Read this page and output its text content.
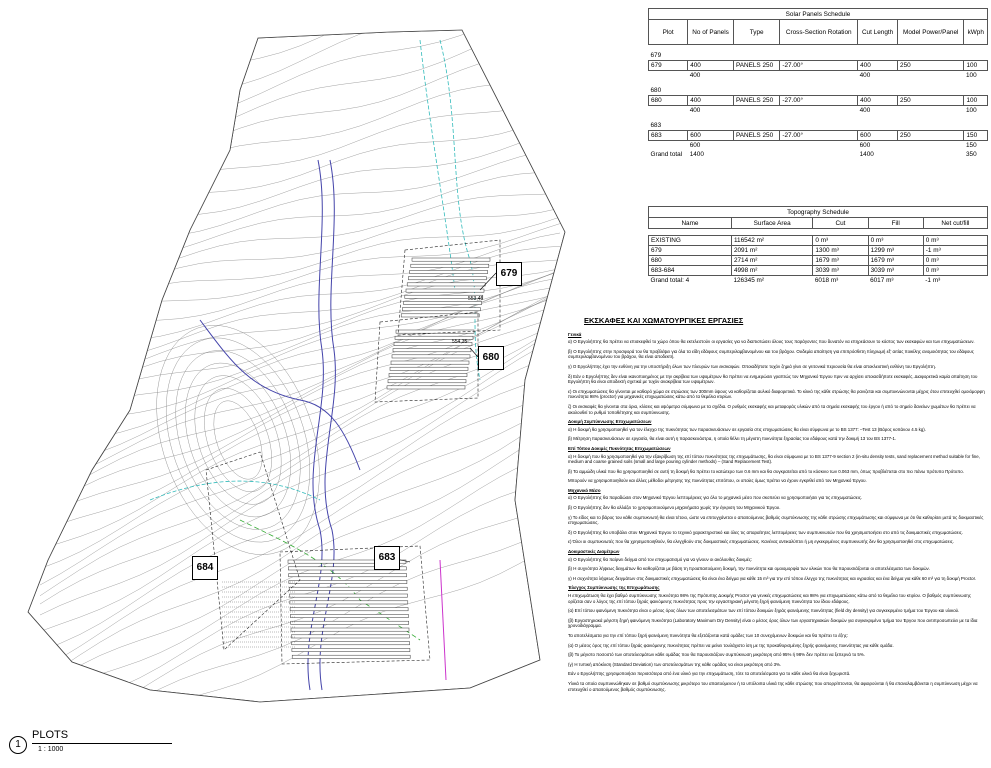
Solar Panels Schedule						
Plot	No of Panels	Type	Cross-Section Rotation	Cut Length	Model Power/Panel	kWph

679						
679	400	PANELS 250	-27.00°	400	250	100
	400			400		100

680						
680	400	PANELS 250	-27.00°	400	250	100
	400			400		100

683						
683	600	PANELS 250	-27.00°	600	250	150
	600			600		150
Grand total	1400			1400		350
Topography Schedule				
Name	Surface Area	Cut	Fill	Net cut/fill

EXISTING	116542 m²	0 m³	0 m³	0 m³
679	2091 m²	1300 m³	1299 m³	-1 m³
680	2714 m²	1679 m³	1679 m³	0 m³
683-684	4998 m²	3039 m³	3039 m³	0 m³
Grand total: 4	126345 m²	6018 m³	6017 m³	-1 m³
679
680
683
684
553,45
554,35
ΕΚΣΚΑΦΕΣ ΚΑΙ ΧΩΜΑΤΟΥΡΓΙΚΕΣ ΕΡΓΑΣΙΕΣ
Γενικά

α) Ο Εργολήπτης θα πρέπει να επισκεφθεί το χώρο όπου θα εκτελεστούν οι εργασίες για να διαπιστώσει όλους τους παράγοντες που δυνατόν να επηρεάσουν το κόστος των εκσκαφών και των επιχωματώσεων.

β) Ο Εργολήπτης στην προσφορά του θα προβλέψει για όλα τα είδη εδάφους συμπεριλαμβανομένου και του βράχου. Ουδεμία απαίτηση για επιπρόσθετη πληρωμή εξ' αιτίας ποικίλης ανομοιότητας του εδάφους συμπεριλαμβανομένου του βράχου, θα είναι αποδεκτή.

γ) Ο Εργολήπτης έχει την ευθύνη για την υποστήριξη όλων των πλευρών των εκσκαφών. Οποιαδήποτε τυχόν ζημιά γίνει σε γειτονικά περιουσία θα είναι αποκλειστική ευθύνη του Εργολήπτη.

δ) Εάν ο Εργολήπτης δεν είναι ικανοποιημένος με την ακρίβεια των υψομέτρων θα πρέπει να ενημερώσει γραπτώς τον Μηχανικό Έργου πριν να αρχίσει οποιασδήποτε εκσκαφές. Διαφορετικά καμία απαίτηση του Εργολήπτη θα είναι αποδεκτή σχετικά με τυχόν ανακρίβεια των υψομέτρων.

ε) Οι επιχωματώσεις θα γίνονται με καθαρό χώμα σε στρώσεις των 300mm ύψους να καθορίζεται αυλικό διαφορετικά. Το κλικό της κάθε στρώσης θα ρανιζεται και συμπυκνώνονται μέχρις ότου επιτευχθεί ομοιόμορφη πυκνότητα 98% (proctor) για μηχανικές επιχωματώσεις κάτω από τα θεμέλια κτιρίων.

ζ) Οι εκσκαφές θα γίνονται στα όρια, κλίσεις και υψόμετρα σύμφωνα με τα σχέδια. Ο ρυθμός εκσκαφής και μεταφοράς υλικών από τα σημεία εκσκαφής του έργου ή από το σημείο δανείων χωμάτων θα πρέπει να ακολουθεί το ρυθμό τοποθέτησης και συμπύκνωσης.

Δοκιμή Συμπύκνωσης Επιχωματώσεων

α) Η δοκιμή θα χρησιμοποιηθεί για τον έλεγχο της πυκνότητας των παρασκευάσεων σε εργασία στις επιχωματώσεις θα είναι σύμφωνα με το BS 1377: –Test 13 (Βάρος κοπάνου 4.5 kg).

β) Μέτρηση παρασκευάσεων σε εργασία, θα είναι αυτή η παρασκευάστρα, η οποία θέλει τη μέγιστη πυκνότητα ξηρασίας του εδάφους κατά την δοκιμή 13 του BS 1377-1.

Επί Τόπου Δοκιμές Πυκνότητας Επιχωματώσεων

α) Η δοκιμή που θα χρησιμοποιηθεί για την εξακρίβωση της επί τόπου πυκνότητας της επιχωμάτωσης, θα είναι σύμφωνα με το BS 1377-9 section 2 (in-situ density tests, sand replacement method suitable for fine, medium and coarse grained soils (small and large pouring cylinder methods) – (Sand Replacement Test).

β) Τα αμμώδη υλικά που θα χρησιμοποιηθεί σε αυτή τη δοκιμή θα πρέπει το κατώτερο των 0.6 mm και θα συγκρατείται από το κόσκινο των 0.063 mm, όπως προβλέπεται στο πιο πάνω πρότυπο Πρότυπο.

Μπορούν να χρησιμοποιηθούν και άλλες μέθοδοι μέτρησης της πυκνότητας επιτόπου, οι οποίες όμως πρέπει να έχουν εγκριθεί από τον Μηχανικό Έργου.

Μηχανικό Μέσο

α) Ο Εργολήπτης θα παραδώσει στον Μηχανικό Έργου λεπτομέρειες για όλο το μηχανικό μέσο που σκοπεύει να χρησιμοποιήσει για τις επιχωματώσεις.

β) Ο Εργολήπτης δεν θα αλλάζει το χρησιμοποιούμενο μηχανήματα χωρίς την έγκριση του Μηχανικού Έργου.

γ) Το είδος και το βάρος του κάθε συμπυκνωτή θα είναι τέτοιο, ώστε να επιτυγχάνεται ο απαιτούμενος βαθμός συμπύκνωσης της κάθε στρώσης επιχωμάτωσης και σύμφωνα με ότι θα καθορίσει μετά τις δοκιμαστικές επιχωματώσεις.

δ) Ο Εργολήπτης θα υποβάλει στον Μηχανικό Έργου το τεχνικό χαρακτηριστικό και όλες τις απαραίτητες λεπτομέρειες των συμπυκνωτών που θα χρησιμοποιήσει στο από τις δοκιμαστικές επιχωματώσεις.

ε) Όλοι οι συμπυκνωτές που θα χρησιμοποιηθούν, θα ελεγχθούν στις δοκιμαστικές επιχωματώσεις. Κανένας αντικαλύπτει ή μη εγκεκριμένος συμπυκνωτής δεν θα χρησιμοποιηθεί στις επιχωματώσεις.

Δοκιμαστικές Διαμέτρων

α) Ο Εργολήπτης θα παίρνει δείγμα από τον επιχωματισμό για να γίνουν οι ακόλουθες δοκιμές:

β) Η συχνότητα λήψεως δειγμάτων θα καθορίζεται με βάση τη προαπαιτούμενη δοκιμή, την πυκνότητα και ομοιομορφία των υλικών που θα παρουσιάζονται οι αποτελέσματα των δοκιμών.

γ) Η συχνότητα λήψεως δειγμάτων στις δοκιμαστικές επιχωματώσεις θα είναι ένα δείγμα για κάθε 15 m³ για την επί τόπου έλεγχο της πυκνότητας και υγρασίας και ένα δείγμα για κάθε 60 m³ για τη δοκιμή Proctor.

Έλεγχος Συμπύκνωσης της Επιχωμάτωσης

Η επιχωμάτωση θα έχει βαθμό συμπύκνωσης πυκνότητα 98% της Πρότυπης Δοκιμής Proctor για γενικές επιχωματώσεις και 98% για επιχωματώσεις κάτω από τα θεμέλια του κτιρίου. Ο βαθμός συμπύκνωσης ορίζεται σαν ο λόγος της επί τόπου ξηράς φαινόμενης πυκνότητας προς την εργαστηριακή μέγιστη ξηρή φαινόμενη πυκνότητα του ίδιου εδάφους.

(α) Επί τόπου φαινόμενη πυκνότητα είναι ο μέσος όρος όλων των αποτελεσμάτων των επί τόπου δοκιμών ξηράς φαινόμενης πυκνότητας (field dry density) για συγκεκριμένο τμήμα του Έργου και υλικού.

(β) Εργαστηριακά μέγιστη ξηρή φαινόμενη πυκνότητα (Laboratory Maximum Dry Density) είναι ο μέσος όρος όλων των εργαστηριακών δοκιμών για συγκεκριμένο τμήμα του Έργου που αντιπροσωπεύει με τα ίδια χρονοδιάγραμμα.

Τα αποτελέσματα για την επί τόπου ξηρή φαινόμενη πυκνότητα θα εξετάζονται κατά ομάδες των 10 συνεχόμενων δοκιμών και θα πρέπει το έξης:

(α) Ο μέσος όρος της επί τόπου ξηράς φαινόμενης πυκνότητας πρέπει να μείνει τουλάχιστο ίση με της προκαθορισμένης ξηρής φαινόμενης πυκνότητας για κάθε ομάδα.

(β) Το μέγιστο ποσοστό των αποτελεσμάτων κάθε ομάδας που θα παρουσιάζουν συμπύκνωση μικρότερη από 95% ή 98% δεν πρέπει να ξεπερνά το 5%.

(γ) Η τυπική απόκλιση (Standard Deviation) των αποτελεσμάτων της κάθε ομάδας να είναι μικρότερη από 3%.

Εάν ο Εργολήπτης χρησιμοποιήσει περισσότερα από ένα υλικό για την επιχωμάτωση, τότε τα αποτελέσματα για το κάθε υλικό θα είναι ξεχωριστά.

Υλικά τα οποία συμπυκνώθηκαν σε βαθμό συμπύκνωσης μικρότερο του απαιτούμενου ή τα υπόλοιπα υλικά της κάθε στρώσης που απορρίπτονται, θα αφαιρούνται ή θα επαναλαμβάνεται η συμπύκνωση μέχρι να επιτευχθεί ο απαιτούμενος βαθμός συμπύκνωσης.

1
PLOTS
1 : 1000
